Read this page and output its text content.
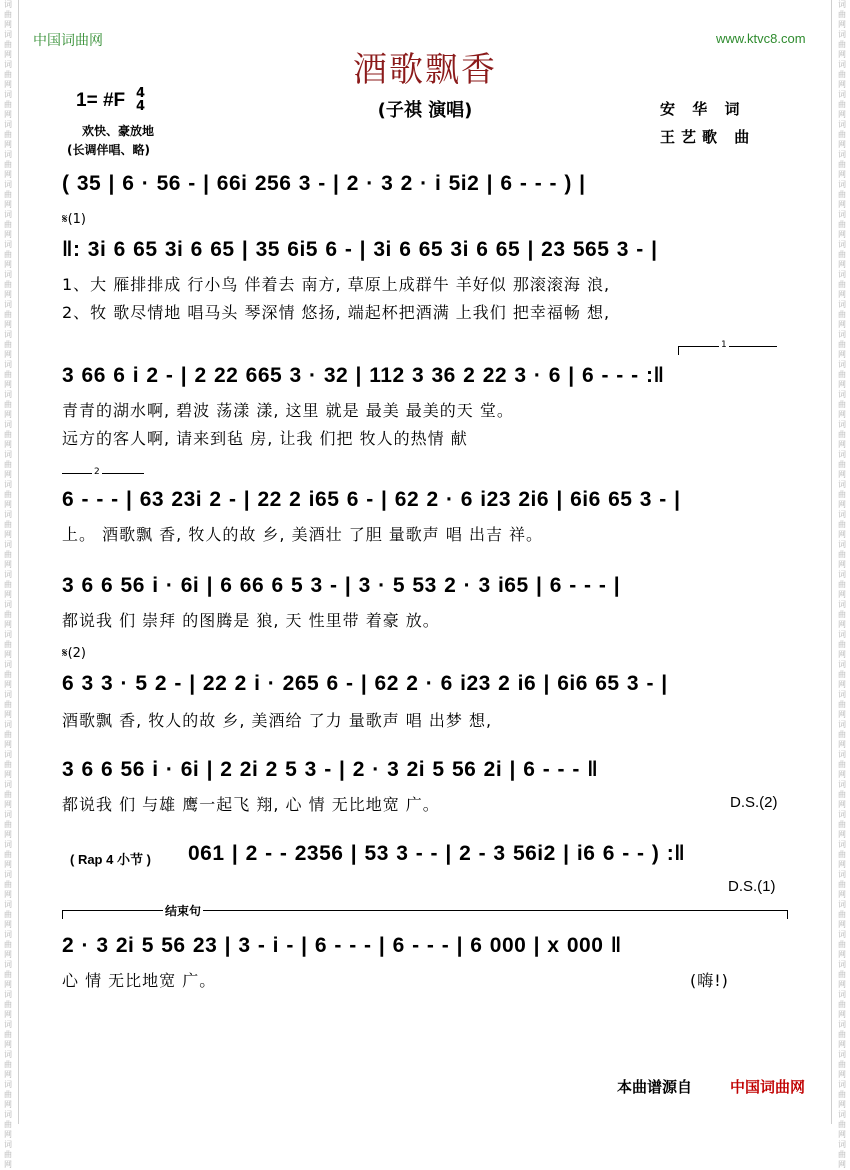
词曲网词曲网词曲网词曲网词曲网词曲网词曲网词曲网词曲网词曲网词曲网词曲网词曲网词曲网词曲网词曲网词曲网词曲网词曲网词曲网词曲网词曲网词曲网词曲网词曲网词曲网词曲网词曲网词曲网词曲网词曲网词曲网词曲网词曲网词曲网词曲网词曲网词曲网词曲网
词曲网词曲网词曲网词曲网词曲网词曲网词曲网词曲网词曲网词曲网词曲网词曲网词曲网词曲网词曲网词曲网词曲网词曲网词曲网词曲网词曲网词曲网词曲网词曲网词曲网词曲网词曲网词曲网词曲网词曲网词曲网词曲网词曲网词曲网词曲网词曲网词曲网词曲网词曲网
中国词曲网	www.ktvc8.com
酒歌飘香
(子祺 演唱)
1= #F 4
4
欢快、豪放地
(长调伴唱、略)
安 华 词
王艺歌 曲
( 35 | 6 · 56 - | 66i 256 3 - | 2 · 3 2 · i 5i2 | 6 - - - ) |
𝄋(1)
‖: 3i 6 65 3i 6 65 | 35 6i5 6 - | 3i 6 65 3i 6 65 | 23 565 3 - |
1、大 雁排排成 行小鸟 伴着去 南方, 草原上成群牛 羊好似 那滚滚海 浪,
2、牧 歌尽情地 唱马头 琴深情 悠扬, 端起杯把酒满 上我们 把幸福畅 想,
1
3 66 6 i 2 - | 2 22 665 3 · 32 | 112 3 36 2 22 3 · 6 | 6 - - - :‖
青青的湖水啊, 碧波 荡漾 漾, 这里 就是 最美 最美的天 堂。
远方的客人啊, 请来到毡 房, 让我 们把 牧人的热情 献
2
6 - - - | 63 23i 2 - | 22 2 i65 6 - | 62 2 · 6 i23 2i6 | 6i6 65 3 - |
上。 酒歌飘 香, 牧人的故 乡, 美酒壮 了胆 量歌声 唱 出吉 祥。
3 6 6 56 i · 6i | 6 66 6 5 3 - | 3 · 5 53 2 · 3 i65 | 6 - - - |
都说我 们 崇拜 的图腾是 狼, 天 性里带 着豪 放。
𝄋(2)
6 3 3 · 5 2 - | 22 2 i · 265 6 - | 62 2 · 6 i23 2 i6 | 6i6 65 3 - |
酒歌飘 香, 牧人的故 乡, 美酒给 了力 量歌声 唱 出梦 想,
3 6 6 56 i · 6i | 2 2i 2 5 3 - | 2 · 3 2i 5 56 2i | 6 - - - ‖
都说我 们 与雄 鹰一起飞 翔, 心 情 无比地宽 广。	D.S.(2)
( Rap 4 小节 ) 061 | 2 - - 2356 | 53 3 - - | 2 - 3 56i2 | i6 6 - - ) :‖
D.S.(1)
结束句
2 · 3 2i 5 56 23 | 3 - i - | 6 - - - | 6 - - - | 6 000 | x 000 ‖
心 情 无比地宽 广。	(嗨!)
本曲谱源自	中国词曲网
